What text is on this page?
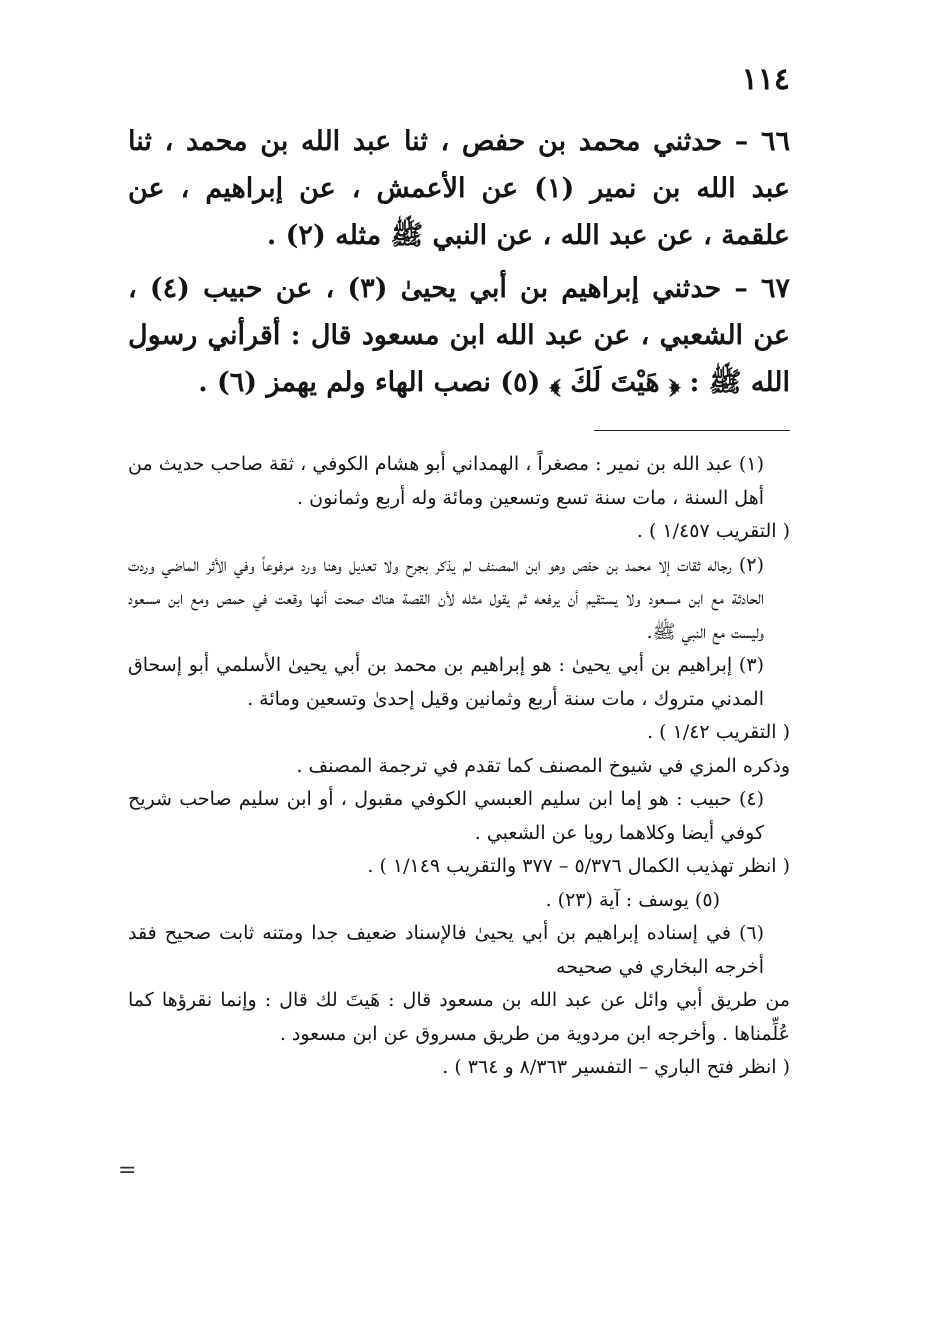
١١٤

٦٦ – حدثني محمد بن حفص ، ثنا عبد الله بن محمد ، ثنا عبد الله بن نمير (١) عن الأعمش ، عن إبراهيم ، عن علقمة ، عن عبد الله ، عن النبي ﷺ مثله (٢) .

٦٧ – حدثني إبراهيم بن أبي يحيىٰ (٣) ، عن حبيب (٤) ، عن الشعبي ، عن عبد الله ابن مسعود قال : أقرأني رسول الله ﷺ : ﴿ هَيْتَ لَكَ ﴾ (٥) نصب الهاء ولم يهمز (٦) .

(١) عبد الله بن نمير : مصغراً ، الهمداني أبو هشام الكوفي ، ثقة صاحب حديث من أهل السنة ، مات سنة تسع وتسعين ومائة وله أربع وثمانون .

( التقريب ١/٤٥٧ ) .

(٢) رجاله ثقات إلا محمد بن حفص وهو ابن المصنف لم يذكر بجرح ولا تعديل وهنا ورد مرفوعاً وفي الأثر الماضي وردت الحادثة مع ابن مسعود ولا يستقيم أن يرفعه ثم يقول مثله لأن القصة هناك صحت أنها وقعت في حمص ومع ابن مسعود وليست مع النبي ﷺ.

(٣) إبراهيم بن أبي يحيىٰ : هو إبراهيم بن محمد بن أبي يحيىٰ الأسلمي أبو إسحاق المدني متروك ، مات سنة أربع وثمانين وقيل إحدىٰ وتسعين ومائة .

( التقريب ١/٤٢ ) .

وذكره المزي في شيوخ المصنف كما تقدم في ترجمة المصنف .

(٤) حبيب : هو إما ابن سليم العبسي الكوفي مقبول ، أو ابن سليم صاحب شريح كوفي أيضا وكلاهما رويا عن الشعبي .

( انظر تهذيب الكمال ٥/٣٧٦ – ٣٧٧ والتقريب ١/١٤٩ ) .

(٥) يوسف : آية (٢٣) .

(٦) في إسناده إبراهيم بن أبي يحيىٰ فالإسناد ضعيف جدا ومتنه ثابت صحيح فقد أخرجه البخاري في صحيحه

من طريق أبي وائل عن عبد الله بن مسعود قال : هَيتَ لك قال : وإنما نقرؤها كما عُلِّمناها . وأخرجه ابن مردوية من طريق مسروق عن ابن مسعود .

( انظر فتح الباري – التفسير ٨/٣٦٣ و ٣٦٤ ) .

=
